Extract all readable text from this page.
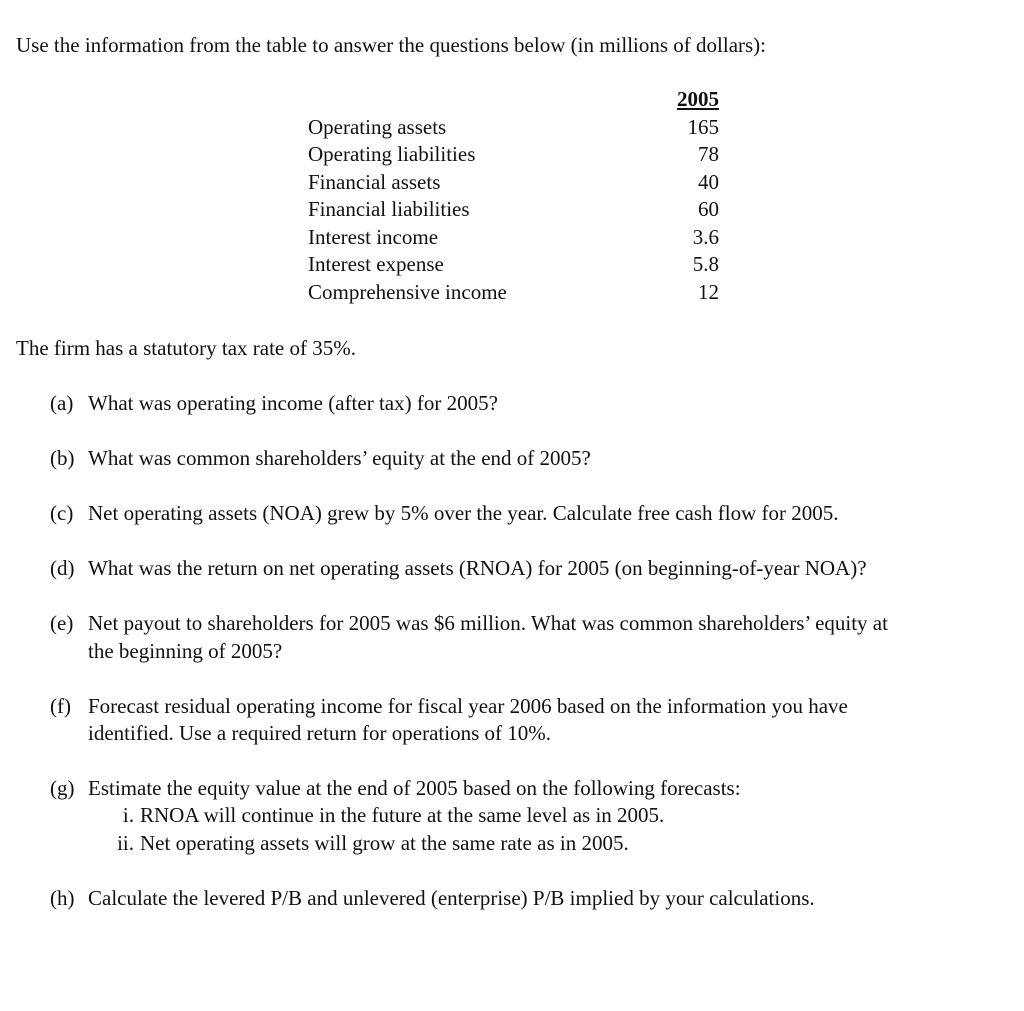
Use the information from the table to answer the questions below (in millions of dollars):
2005
Operating assets	165
Operating liabilities	78
Financial assets	40
Financial liabilities	60
Interest income	3.6
Interest expense	5.8
Comprehensive income	12
The firm has a statutory tax rate of 35%.
(a) What was operating income (after tax) for 2005?
(b) What was common shareholders’ equity at the end of 2005?
(c) Net operating assets (NOA) grew by 5% over the year. Calculate free cash flow for 2005.
(d) What was the return on net operating assets (RNOA) for 2005 (on beginning-of-year NOA)?
(e) Net payout to shareholders for 2005 was $6 million. What was common shareholders’ equity at
the beginning of 2005?
(f) Forecast residual operating income for fiscal year 2006 based on the information you have
identified. Use a required return for operations of 10%.
(g) Estimate the equity value at the end of 2005 based on the following forecasts:
i. RNOA will continue in the future at the same level as in 2005.
ii. Net operating assets will grow at the same rate as in 2005.
(h) Calculate the levered P/B and unlevered (enterprise) P/B implied by your calculations.
